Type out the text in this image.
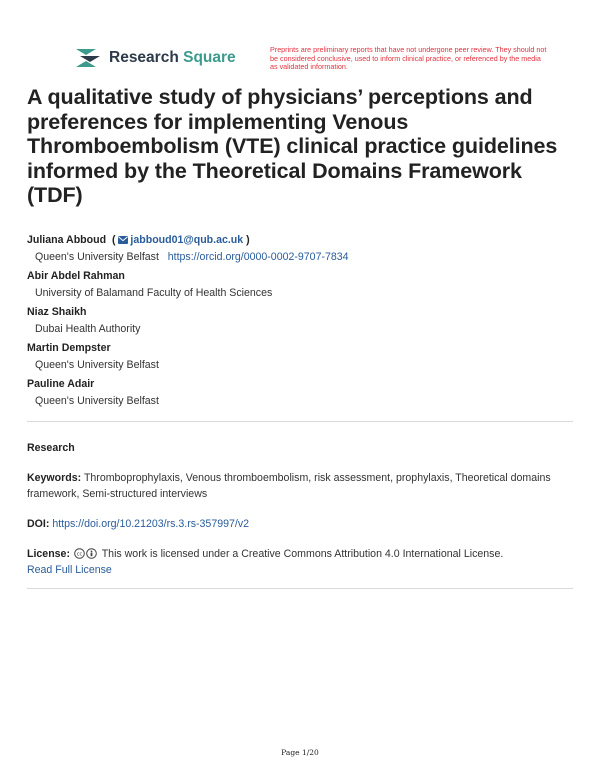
Research Square	Preprints are preliminary reports that have not undergone peer review. They should not be considered conclusive, used to inform clinical practice, or referenced by the media as validated information.
A qualitative study of physicians’ perceptions and preferences for implementing Venous Thromboembolism (VTE) clinical practice guidelines informed by the Theoretical Domains Framework (TDF)
Juliana Abboud  ( jabboud01@qub.ac.uk )
Queen's University Belfast https://orcid.org/0000-0002-9707-7834
Abir Abdel Rahman
University of Balamand Faculty of Health Sciences
Niaz Shaikh
Dubai Health Authority
Martin Dempster
Queen's University Belfast
Pauline Adair
Queen's University Belfast
Research
Keywords: Thromboprophylaxis, Venous thromboembolism, risk assessment, prophylaxis, Theoretical domains framework, Semi-structured interviews
DOI: https://doi.org/10.21203/rs.3.rs-357997/v2
License: cc This work is licensed under a Creative Commons Attribution 4.0 International License.
Read Full License
Page 1/20
